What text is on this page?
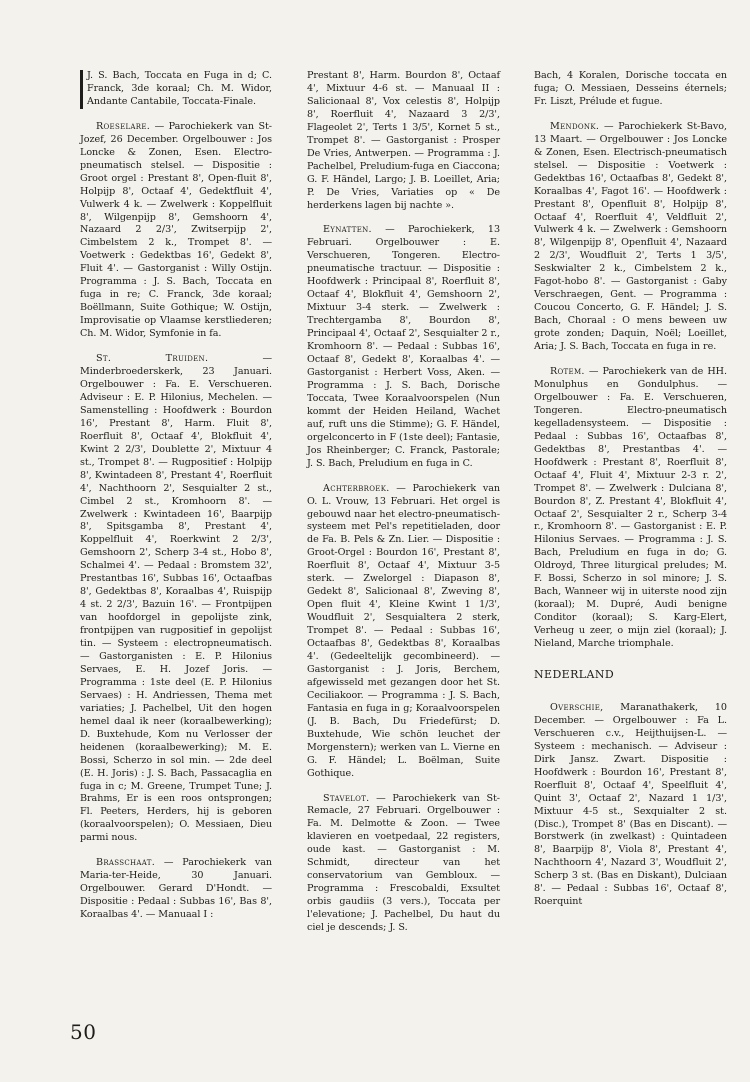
J. S. Bach, Toccata en Fuga in d; C. Franck, 3de koraal; Ch. M. Widor, Andante Cantabile, Toccata-Finale.

Roeselare. — Parochiekerk van St-Jozef, 26 December. Orgelbouwer : Jos Loncke & Zonen, Esen. Electro-pneumatisch stelsel. — Dispositie : Groot orgel : Prestant 8', Open-fluit 8', Holpijp 8', Octaaf 4', Gedektfluit 4', Vulwerk 4 k. — Zwelwerk : Koppelfluit 8', Wilgenpijp 8', Gemshoorn 4', Nazaard 2 2/3', Zwitserpijp 2', Cimbelstem 2 k., Trompet 8'. — Voetwerk : Gedektbas 16', Gedekt 8', Fluit 4'. — Gastorganist : Willy Ostijn. Programma : J. S. Bach, Toccata en fuga in re; C. Franck, 3de koraal; Boëllmann, Suite Gothique; W. Ostijn, Improvisatie op Vlaamse kerstliederen; Ch. M. Widor, Symfonie in fa.

St. Truiden. — Minderbroederskerk, 23 Januari. Orgelbouwer : Fa. E. Verschueren. Adviseur : E. P. Hilonius, Mechelen. — Samenstelling : Hoofdwerk : Bourdon 16', Prestant 8', Harm. Fluit 8', Roerfluit 8', Octaaf 4', Blokfluit 4', Kwint 2 2/3', Doublette 2', Mixtuur 4 st., Trompet 8'. — Rugpositief : Holpijp 8', Kwintadeen 8', Prestant 4', Roerfluit 4', Nachthoorn 2', Sesquialter 2 st., Cimbel 2 st., Kromhoorn 8'. — Zwelwerk : Kwintadeen 16', Baarpijp 8', Spitsgamba 8', Prestant 4', Koppelfluit 4', Roerkwint 2 2/3', Gemshoorn 2', Scherp 3-4 st., Hobo 8', Schalmei 4'. — Pedaal : Bromstem 32', Prestantbas 16', Subbas 16', Octaafbas 8', Gedektbas 8', Koraalbas 4', Ruispijp 4 st. 2 2/3', Bazuin 16'. — Frontpijpen van hoofdorgel in gepolijste zink, frontpijpen van rugpositief in gepolijst tin. — Systeem : electropneumatisch. — Gastorganisten : E. P. Hilonius Servaes, E. H. Jozef Joris. — Programma : 1ste deel (E. P. Hilonius Servaes) : H. Andriessen, Thema met variaties; J. Pachelbel, Uit den hogen hemel daal ik neer (koraalbewerking); D. Buxtehude, Kom nu Verlosser der heidenen (koraalbewerking); M. E. Bossi, Scherzo in sol min. — 2de deel (E. H. Joris) : J. S. Bach, Passacaglia en fuga in c; M. Greene, Trumpet Tune; J. Brahms, Er is een roos ontsprongen; Fl. Peeters, Herders, hij is geboren (koraalvoorspelen); O. Messiaen, Dieu parmi nous.

Brasschaat. — Parochiekerk van Maria-ter-Heide, 30 Januari. Orgelbouwer. Gerard D'Hondt. — Dispositie : Pedaal : Subbas 16', Bas 8', Koraalbas 4'. — Manuaal I :

Prestant 8', Harm. Bourdon 8', Octaaf 4', Mixtuur 4-6 st. — Manuaal II : Salicionaal 8', Vox celestis 8', Holpijp 8', Roerfluit 4', Nazaard 3 2/3', Flageolet 2', Terts 1 3/5', Kornet 5 st., Trompet 8'. — Gastorganist : Prosper De Vries, Antwerpen. — Programma : J. Pachelbel, Preludium-fuga en Ciaccona; G. F. Händel, Largo; J. B. Loeillet, Aria; P. De Vries, Variaties op « De herderkens lagen bij nachte ».

Eynatten. — Parochiekerk, 13 Februari. Orgelbouwer : E. Verschueren, Tongeren. Electro-pneumatische tractuur. — Dispositie : Hoofdwerk : Principaal 8', Roerfluit 8', Octaaf 4', Blokfluit 4', Gemshoorn 2', Mixtuur 3-4 sterk. — Zwelwerk : Trechtergamba 8', Bourdon 8', Principaal 4', Octaaf 2', Sesquialter 2 r., Kromhoorn 8'. — Pedaal : Subbas 16', Octaaf 8', Gedekt 8', Koraalbas 4'. — Gastorganist : Herbert Voss, Aken. — Programma : J. S. Bach, Dorische Toccata, Twee Koraalvoorspelen (Nun kommt der Heiden Heiland, Wachet auf, ruft uns die Stimme); G. F. Händel, orgelconcerto in F (1ste deel); Fantasie, Jos Rheinberger; C. Franck, Pastorale; J. S. Bach, Preludium en fuga in C.

Achterbroek. — Parochiekerk van O. L. Vrouw, 13 Februari. Het orgel is gebouwd naar het electro-pneumatisch-systeem met Pel's repetitieladen, door de Fa. B. Pels & Zn. Lier. — Dispositie : Groot-Orgel : Bourdon 16', Prestant 8', Roerfluit 8', Octaaf 4', Mixtuur 3-5 sterk. — Zwelorgel : Diapason 8', Gedekt 8', Salicionaal 8', Zweving 8', Open fluit 4', Kleine Kwint 1 1/3', Woudfluit 2', Sesquialtera 2 sterk, Trompet 8'. — Pedaal : Subbas 16', Octaafbas 8', Gedektbas 8', Koraalbas 4'. (Gedeeltelijk gecombineerd). — Gastorganist : J. Joris, Berchem, afgewisseld met gezangen door het St. Ceciliakoor. — Programma : J. S. Bach, Fantasia en fuga in g; Koraalvoorspelen (J. B. Bach, Du Friedefürst; D. Buxtehude, Wie schön leuchet der Morgenstern); werken van L. Vierne en G. F. Händel; L. Boëlman, Suite Gothique.

Stavelot. — Parochiekerk van St-Remacle, 27 Februari. Orgelbouwer : Fa. M. Delmotte & Zoon. — Twee klavieren en voetpedaal, 22 registers, oude kast. — Gastorganist : M. Schmidt, directeur van het conservatorium van Gembloux. — Programma : Frescobaldi, Exsultet orbis gaudiis (3 vers.), Toccata per l'elevatione; J. Pachelbel, Du haut du ciel je descends; J. S.

Bach, 4 Koralen, Dorische toccata en fuga; O. Messiaen, Desseins éternels; Fr. Liszt, Prélude et fugue.

Mendonk. — Parochiekerk St-Bavo, 13 Maart. — Orgelbouwer : Jos Loncke & Zonen, Esen. Electrisch-pneumatisch stelsel. — Dispositie : Voetwerk : Gedektbas 16', Octaafbas 8', Gedekt 8', Koraalbas 4', Fagot 16'. — Hoofdwerk : Prestant 8', Openfluit 8', Holpijp 8', Octaaf 4', Roerfluit 4', Veldfluit 2', Vulwerk 4 k. — Zwelwerk : Gemshoorn 8', Wilgenpijp 8', Openfluit 4', Nazaard 2 2/3', Woudfluit 2', Terts 1 3/5', Seskwialter 2 k., Cimbelstem 2 k., Fagot-hobo 8'. — Gastorganist : Gaby Verschraegen, Gent. — Programma : Coucou Concerto, G. F. Händel; J. S. Bach, Choraal : O mens beween uw grote zonden; Daquin, Noël; Loeillet, Aria; J. S. Bach, Toccata en fuga in re.

Rotem. — Parochiekerk van de HH. Monulphus en Gondulphus. — Orgelbouwer : Fa. E. Verschueren, Tongeren. Electro-pneumatisch kegelladensysteem. — Dispositie : Pedaal : Subbas 16', Octaafbas 8', Gedektbas 8', Prestantbas 4'. — Hoofdwerk : Prestant 8', Roerfluit 8', Octaaf 4', Fluit 4', Mixtuur 2-3 r. 2', Trompet 8'. — Zwelwerk : Dulciana 8', Bourdon 8', Z. Prestant 4', Blokfluit 4', Octaaf 2', Sesquialter 2 r., Scherp 3-4 r., Kromhoorn 8'. — Gastorganist : E. P. Hilonius Servaes. — Programma : J. S. Bach, Preludium en fuga in do; G. Oldroyd, Three liturgical preludes; M. F. Bossi, Scherzo in sol minore; J. S. Bach, Wanneer wij in uiterste nood zijn (koraal); M. Dupré, Audi benigne Conditor (koraal); S. Karg-Elert, Verheug u zeer, o mijn ziel (koraal); J. Nieland, Marche triomphale.

NEDERLAND

Overschie, Maranathakerk, 10 December. — Orgelbouwer : Fa L. Verschueren c.v., Heijthuijsen-L. — Systeem : mechanisch. — Adviseur : Dirk Jansz. Zwart. Dispositie : Hoofdwerk : Bourdon 16', Prestant 8', Roerfluit 8', Octaaf 4', Speelfluit 4', Quint 3', Octaaf 2', Nazard 1 1/3', Mixtuur 4-5 st., Sexquialter 2 st. (Disc.), Trompet 8' (Bas en Discant). — Borstwerk (in zwelkast) : Quintadeen 8', Baarpijp 8', Viola 8', Prestant 4', Nachthoorn 4', Nazard 3', Woudfluit 2', Scherp 3 st. (Bas en Diskant), Dulciaan 8'. — Pedaal : Subbas 16', Octaaf 8', Roerquint

50
